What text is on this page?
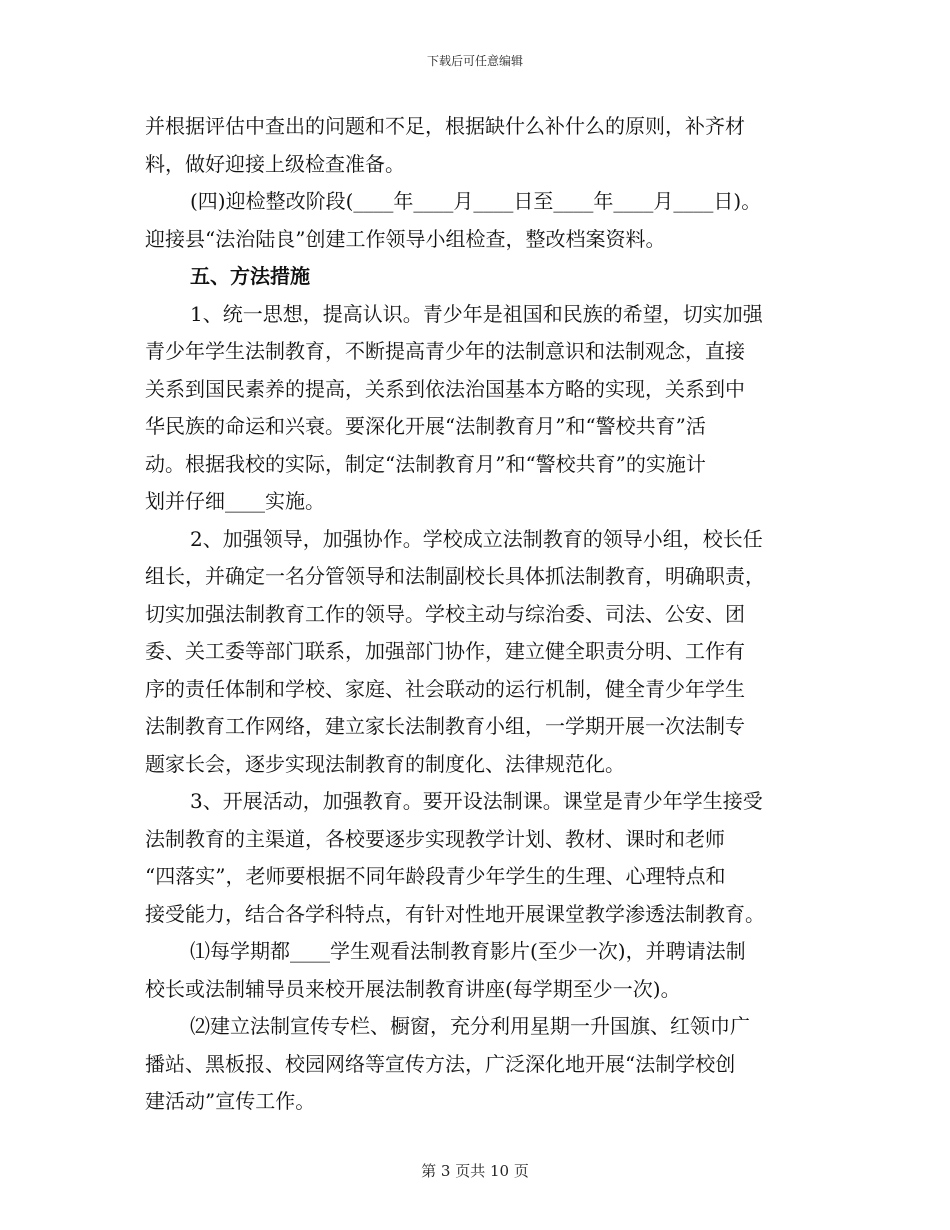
下载后可任意编辑
并根据评估中查出的问题和不足，根据缺什么补什么的原则，补齐材
料，做好迎接上级检查准备。
(四)迎检整改阶段(____年____月____日至____年____月____日)。
迎接县“法治陆良”创建工作领导小组检查，整改档案资料。
五、方法措施
1、统一思想，提高认识。青少年是祖国和民族的希望，切实加强
青少年学生法制教育，不断提高青少年的法制意识和法制观念，直接
关系到国民素养的提高，关系到依法治国基本方略的实现，关系到中
华民族的命运和兴衰。要深化开展“法制教育月”和“警校共育”活
动。根据我校的实际，制定“法制教育月”和“警校共育”的实施计
划并仔细____实施。
2、加强领导，加强协作。学校成立法制教育的领导小组，校长任
组长，并确定一名分管领导和法制副校长具体抓法制教育，明确职责，
切实加强法制教育工作的领导。学校主动与综治委、司法、公安、团
委、关工委等部门联系，加强部门协作，建立健全职责分明、工作有
序的责任体制和学校、家庭、社会联动的运行机制，健全青少年学生
法制教育工作网络，建立家长法制教育小组，一学期开展一次法制专
题家长会，逐步实现法制教育的制度化、法律规范化。
3、开展活动，加强教育。要开设法制课。课堂是青少年学生接受
法制教育的主渠道，各校要逐步实现教学计划、教材、课时和老师
“四落实”，老师要根据不同年龄段青少年学生的生理、心理特点和
接受能力，结合各学科特点，有针对性地开展课堂教学渗透法制教育。
⑴每学期都____学生观看法制教育影片(至少一次)，并聘请法制
校长或法制辅导员来校开展法制教育讲座(每学期至少一次)。
⑵建立法制宣传专栏、橱窗，充分利用星期一升国旗、红领巾广
播站、黑板报、校园网络等宣传方法，广泛深化地开展“法制学校创
建活动”宣传工作。
第 3 页共 10 页
